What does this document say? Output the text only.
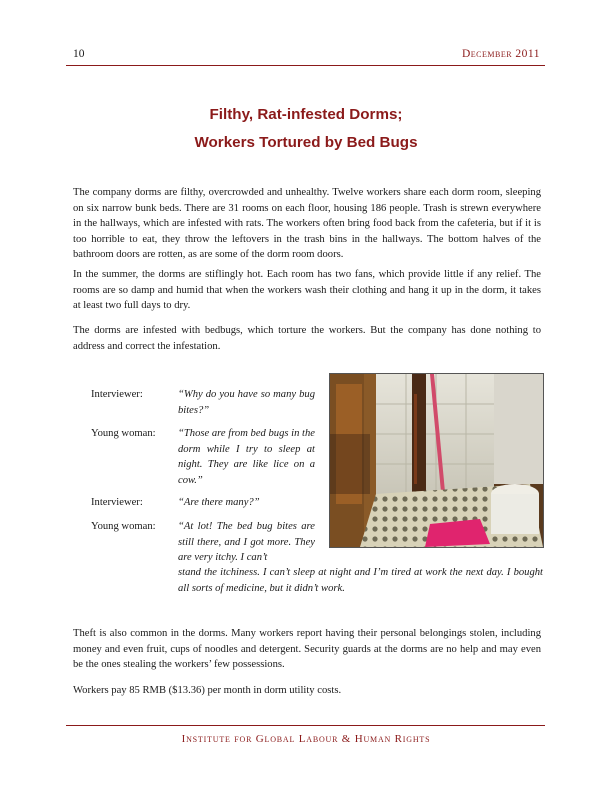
10	December 2011
Filthy, Rat-infested Dorms;
Workers Tortured by Bed Bugs
The company dorms are filthy, overcrowded and unhealthy. Twelve workers share each dorm room, sleeping on six narrow bunk beds. There are 31 rooms on each floor, housing 186 people. Trash is strewn everywhere in the hallways, which are infested with rats. The workers often bring food back from the cafeteria, but if it is too horrible to eat, they throw the leftovers in the trash bins in the hallways. The bottom halves of the bathroom doors are rotten, as are some of the dorm room doors.
In the summer, the dorms are stiflingly hot. Each room has two fans, which provide little if any relief. The rooms are so damp and humid that when the workers wash their clothing and hang it up in the dorm, it takes at least two full days to dry.
The dorms are infested with bedbugs, which torture the workers. But the company has done nothing to address and correct the infestation.
Interviewer:	“Why do you have so many bug bites?”
Young woman: “Those are from bed bugs in the dorm while I try to sleep at night. They are like lice on a cow.”
Interviewer:	“Are there many?”
Young woman: “At lot! The bed bug bites are still there, and I got more. They are very itchy. I can’t
stand the itchiness. I can’t sleep at night and I’m tired at work the next day. I bought all sorts of medicine, but it didn’t work.
Theft is also common in the dorms. Many workers report having their personal belongings stolen, including money and even fruit, cups of noodles and detergent. Security guards at the dorms are no help and may even be the ones stealing the workers’ few possessions.
Workers pay 85 RMB ($13.36) per month in dorm utility costs.
Institute for Global Labour & Human Rights
